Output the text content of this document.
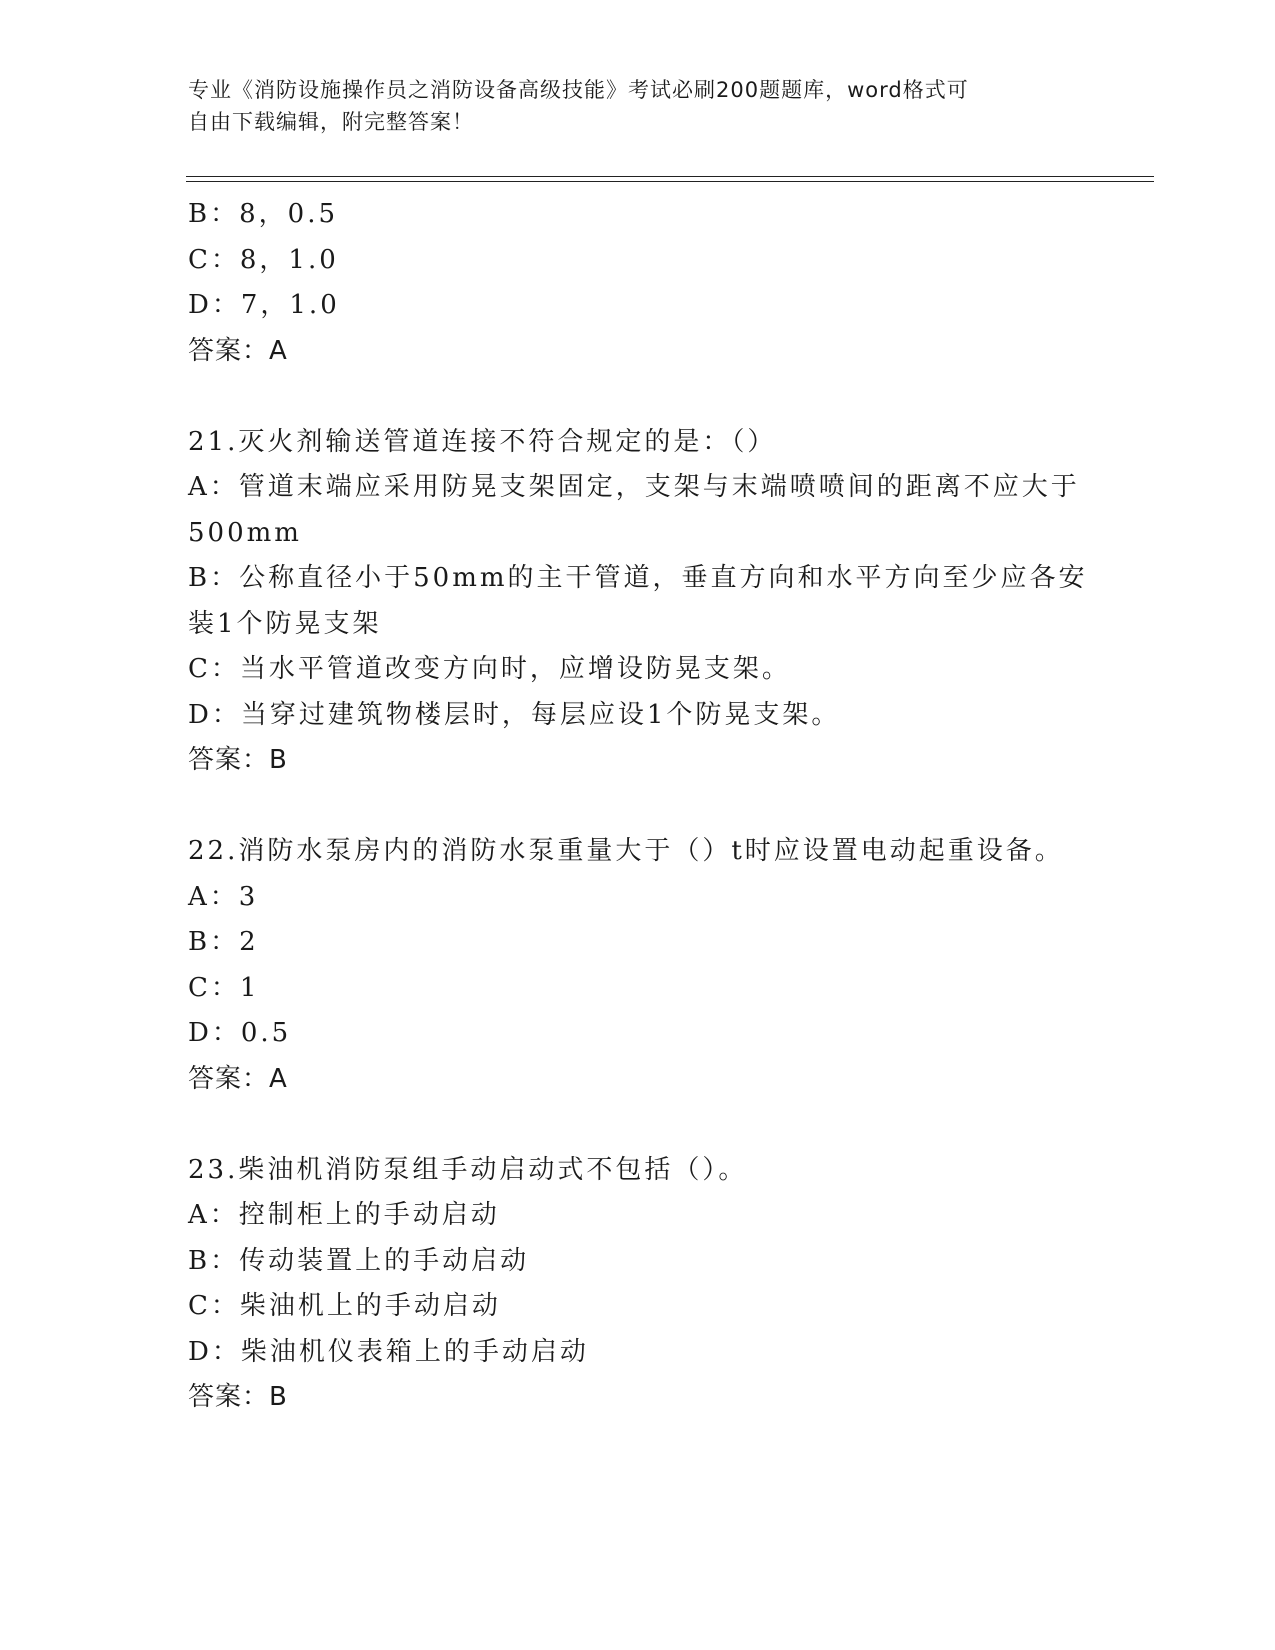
专业《消防设施操作员之消防设备高级技能》考试必刷200题题库，word格式可
自由下载编辑，附完整答案！
B：8，0.5
C：8，1.0
D：7，1.0
答案：A
21.灭火剂输送管道连接不符合规定的是：（）
A：管道末端应采用防晃支架固定，支架与末端喷喷间的距离不应大于
500mm
B：公称直径小于50mm的主干管道，垂直方向和水平方向至少应各安
装1个防晃支架
C：当水平管道改变方向时，应增设防晃支架。
D：当穿过建筑物楼层时，每层应设1个防晃支架。
答案：B
22.消防水泵房内的消防水泵重量大于（）t时应设置电动起重设备。
A：3
B：2
C：1
D：0.5
答案：A
23.柴油机消防泵组手动启动式不包括（）。
A：控制柜上的手动启动
B：传动装置上的手动启动
C：柴油机上的手动启动
D：柴油机仪表箱上的手动启动
答案：B
